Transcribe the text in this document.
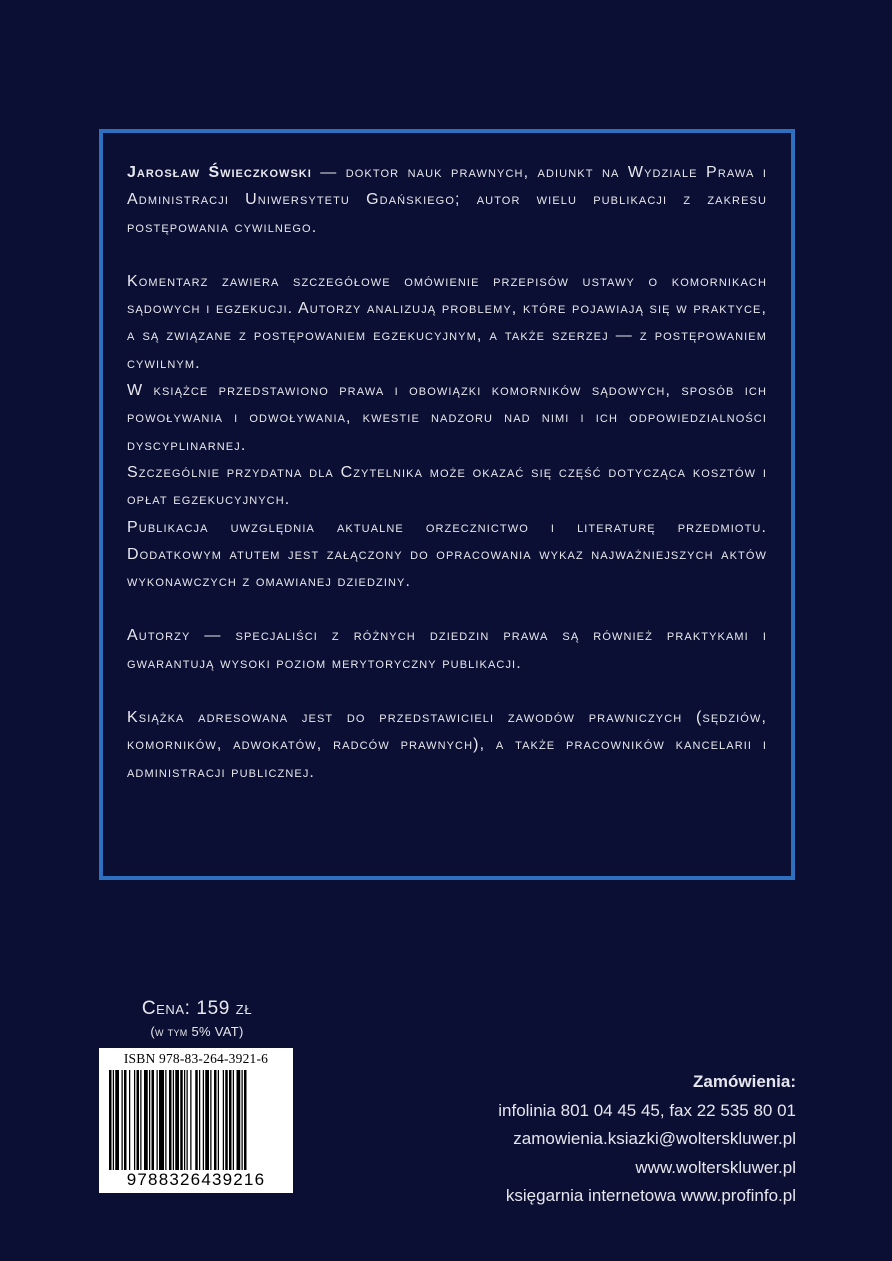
Jarosław Świeczkowski — doktor nauk prawnych, adiunkt na Wydziale Prawa i Administracji Uniwersytetu Gdańskiego; autor wielu publikacji z zakresu postępowania cywilnego.

Komentarz zawiera szczegółowe omówienie przepisów ustawy o komornikach sądowych i egzekucji. Autorzy analizują problemy, które pojawiają się w praktyce, a są związane z postępowaniem egzekucyjnym, a także szerzej — z postępowaniem cywilnym.

W książce przedstawiono prawa i obowiązki komorników sądowych, sposób ich powoływania i odwoływania, kwestie nadzoru nad nimi i ich odpowiedzialności dyscyplinarnej.

Szczególnie przydatna dla Czytelnika może okazać się część dotycząca kosztów i opłat egzekucyjnych.

Publikacja uwzględnia aktualne orzecznictwo i literaturę przedmiotu. Dodatkowym atutem jest załączony do opracowania wykaz najważniejszych aktów wykonawczych z omawianej dziedziny.

Autorzy — specjaliści z różnych dziedzin prawa są również praktykami i gwarantują wysoki poziom merytoryczny publikacji.

Książka adresowana jest do przedstawicieli zawodów prawniczych (sędziów, komorników, adwokatów, radców prawnych), a także pracowników kancelarii i administracji publicznej.

Cena: 159 zł
(w tym 5% VAT)
ISBN 978-83-264-3921-6
9788326439216
Zamówienia:
infolinia 801 04 45 45, fax 22 535 80 01
zamowienia.ksiazki@wolterskluwer.pl
www.wolterskluwer.pl
księgarnia internetowa www.profinfo.pl
